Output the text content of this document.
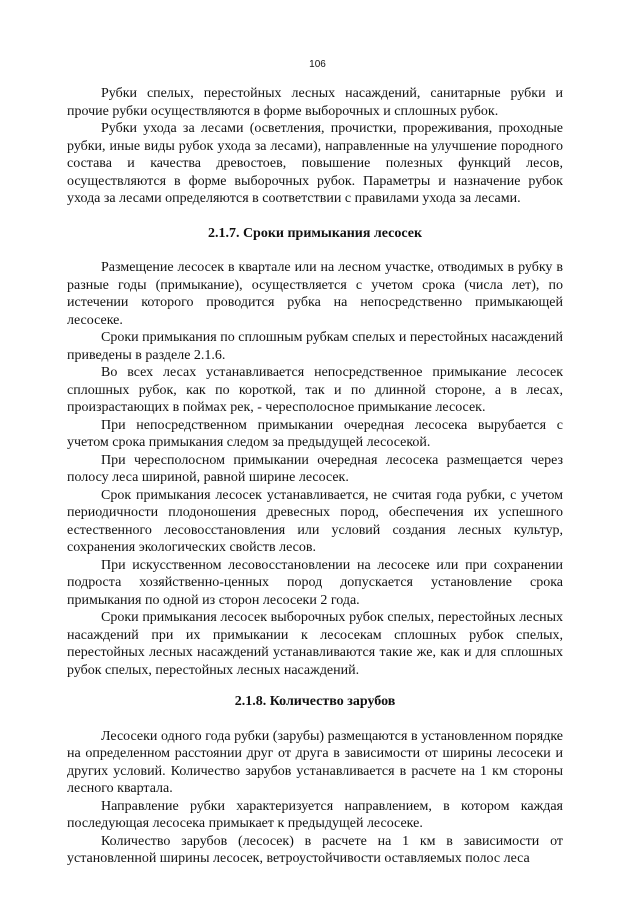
106

Рубки спелых, перестойных лесных насаждений, санитарные рубки и прочие рубки осуществляются в форме выборочных и сплошных рубок.

Рубки ухода за лесами (осветления, прочистки, прореживания, проходные рубки, иные виды рубок ухода за лесами), направленные на улучшение породного состава и качества древостоев, повышение полезных функций лесов, осуществляются в форме выборочных рубок. Параметры и назначение рубок ухода за лесами определяются в соответствии с правилами ухода за лесами.

2.1.7. Сроки примыкания лесосек

Размещение лесосек в квартале или на лесном участке, отводимых в рубку в разные годы (примыкание), осуществляется с учетом срока (числа лет), по истечении которого проводится рубка на непосредственно примыкающей лесосеке.

Сроки примыкания по сплошным рубкам спелых и перестойных насаждений приведены в разделе 2.1.6.

Во всех лесах устанавливается непосредственное примыкание лесосек сплошных рубок, как по короткой, так и по длинной стороне, а в лесах, произрастающих в поймах рек, - чересполосное примыкание лесосек.

При непосредственном примыкании очередная лесосека вырубается с учетом срока примыкания следом за предыдущей лесосекой.

При чересполосном примыкании очередная лесосека размещается через полосу леса шириной, равной ширине лесосек.

Срок примыкания лесосек устанавливается, не считая года рубки, с учетом периодичности плодоношения древесных пород, обеспечения их успешного естественного лесовосстановления или условий создания лесных культур, сохранения экологических свойств лесов.

При искусственном лесовосстановлении на лесосеке или при сохранении подроста хозяйственно-ценных пород допускается установление срока примыкания по одной из сторон лесосеки 2 года.

Сроки примыкания лесосек выборочных рубок спелых, перестойных лесных насаждений при их примыкании к лесосекам сплошных рубок спелых, перестойных лесных насаждений устанавливаются такие же, как и для сплошных рубок спелых, перестойных лесных насаждений.

2.1.8. Количество зарубов

Лесосеки одного года рубки (зарубы) размещаются в установленном порядке на определенном расстоянии друг от друга в зависимости от ширины лесосеки и других условий. Количество зарубов устанавливается в расчете на 1 км стороны лесного квартала.

Направление рубки характеризуется направлением, в котором каждая последующая лесосека примыкает к предыдущей лесосеке.

Количество зарубов (лесосек) в расчете на 1 км в зависимости от установленной ширины лесосек, ветроустойчивости оставляемых полос леса
